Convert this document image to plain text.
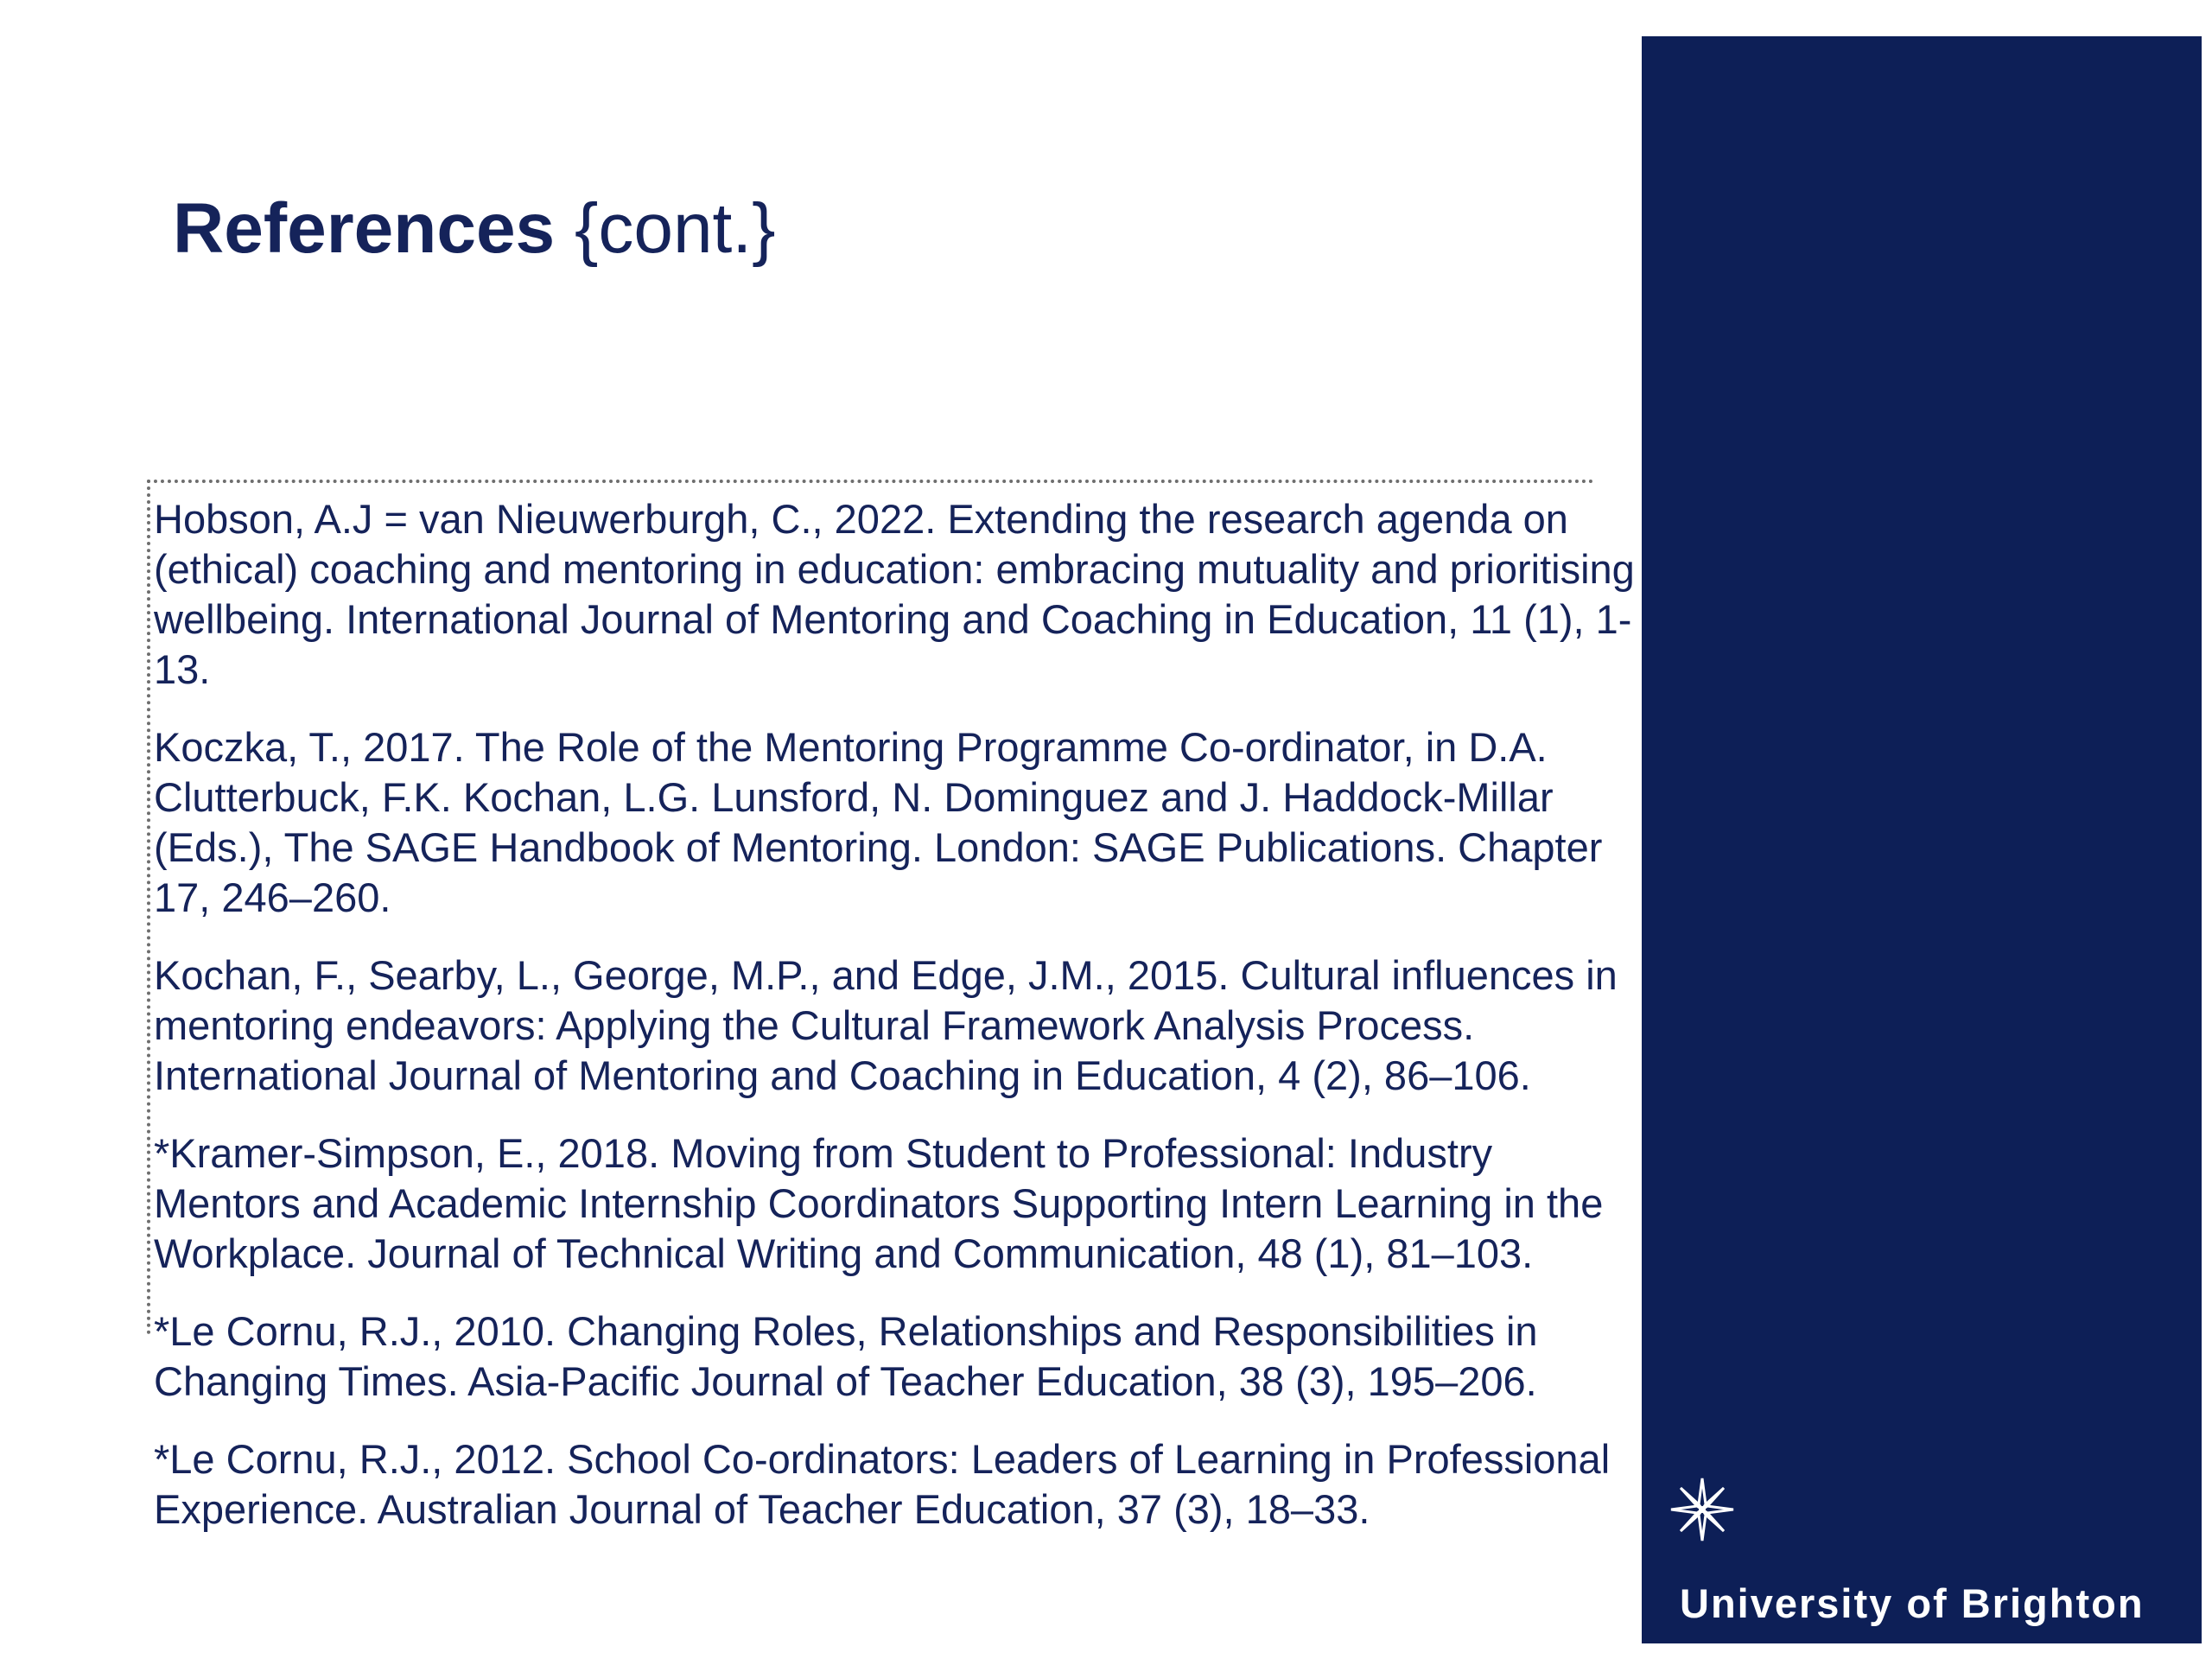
References {cont.}
Hobson, A.J = van Nieuwerburgh, C., 2022. Extending the research agenda on (ethical) coaching and mentoring in education: embracing mutuality and prioritising wellbeing. International Journal of Mentoring and Coaching in Education, 11 (1), 1-13.
Koczka, T., 2017. The Role of the Mentoring Programme Co-ordinator, in D.A. Clutterbuck, F.K. Kochan, L.G. Lunsford, N. Dominguez and J. Haddock-Millar (Eds.), The SAGE Handbook of Mentoring. London: SAGE Publications. Chapter 17, 246–260.
Kochan, F., Searby, L., George, M.P., and Edge, J.M., 2015. Cultural influences in mentoring endeavors: Applying the Cultural Framework Analysis Process. International Journal of Mentoring and Coaching in Education, 4 (2), 86–106.
*Kramer-Simpson, E., 2018. Moving from Student to Professional: Industry Mentors and Academic Internship Coordinators Supporting Intern Learning in the Workplace. Journal of Technical Writing and Communication, 48 (1), 81–103.
*Le Cornu, R.J., 2010. Changing Roles, Relationships and Responsibilities in Changing Times. Asia-Pacific Journal of Teacher Education, 38 (3), 195–206.
*Le Cornu, R.J., 2012. School Co-ordinators: Leaders of Learning in Professional Experience. Australian Journal of Teacher Education, 37 (3), 18–33.
University of Brighton
